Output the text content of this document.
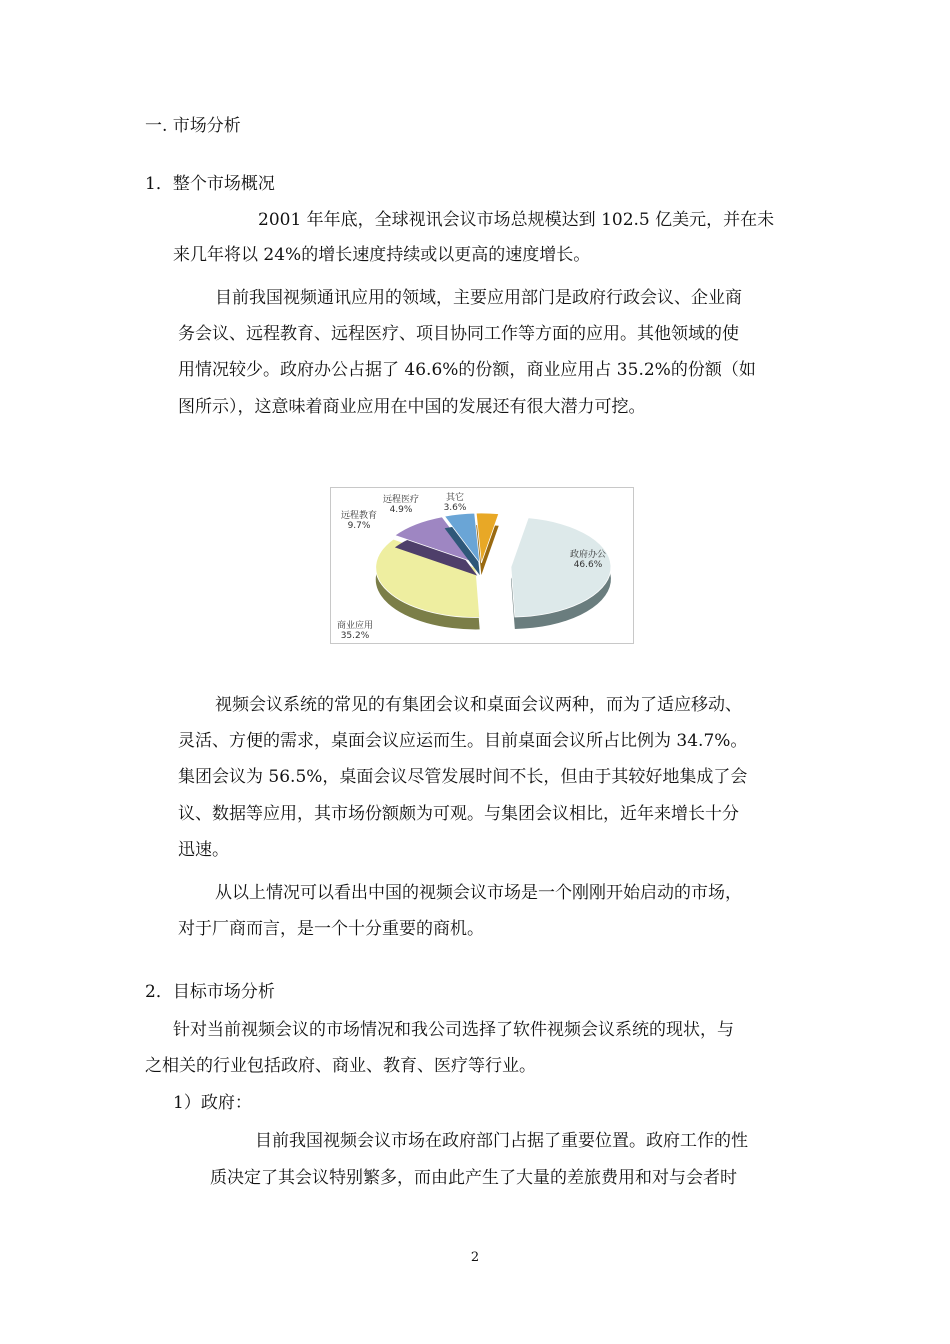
一. 市场分析

1．整个市场概况

2001 年年底，全球视讯会议市场总规模达到 102.5 亿美元，并在未

来几年将以 24%的增长速度持续或以更高的速度增长。

目前我国视频通讯应用的领域，主要应用部门是政府行政会议、企业商

务会议、远程教育、远程医疗、项目协同工作等方面的应用。其他领域的使

用情况较少。政府办公占据了 46.6%的份额，商业应用占 35.2%的份额（如

图所示），这意味着商业应用在中国的发展还有很大潜力可挖。

政府办公
46.6%
商业应用
35.2%
远程教育
9.7%
远程医疗
4.9%
其它
3.6%

视频会议系统的常见的有集团会议和桌面会议两种，而为了适应移动、

灵活、方便的需求，桌面会议应运而生。目前桌面会议所占比例为 34.7%。

集团会议为 56.5%，桌面会议尽管发展时间不长，但由于其较好地集成了会

议、数据等应用，其市场份额颇为可观。与集团会议相比，近年来增长十分

迅速。

从以上情况可以看出中国的视频会议市场是一个刚刚开始启动的市场，

对于厂商而言，是一个十分重要的商机。

2．目标市场分析

针对当前视频会议的市场情况和我公司选择了软件视频会议系统的现状，与

之相关的行业包括政府、商业、教育、医疗等行业。

1）政府：

目前我国视频会议市场在政府部门占据了重要位置。政府工作的性

质决定了其会议特别繁多，而由此产生了大量的差旅费用和对与会者时

2
